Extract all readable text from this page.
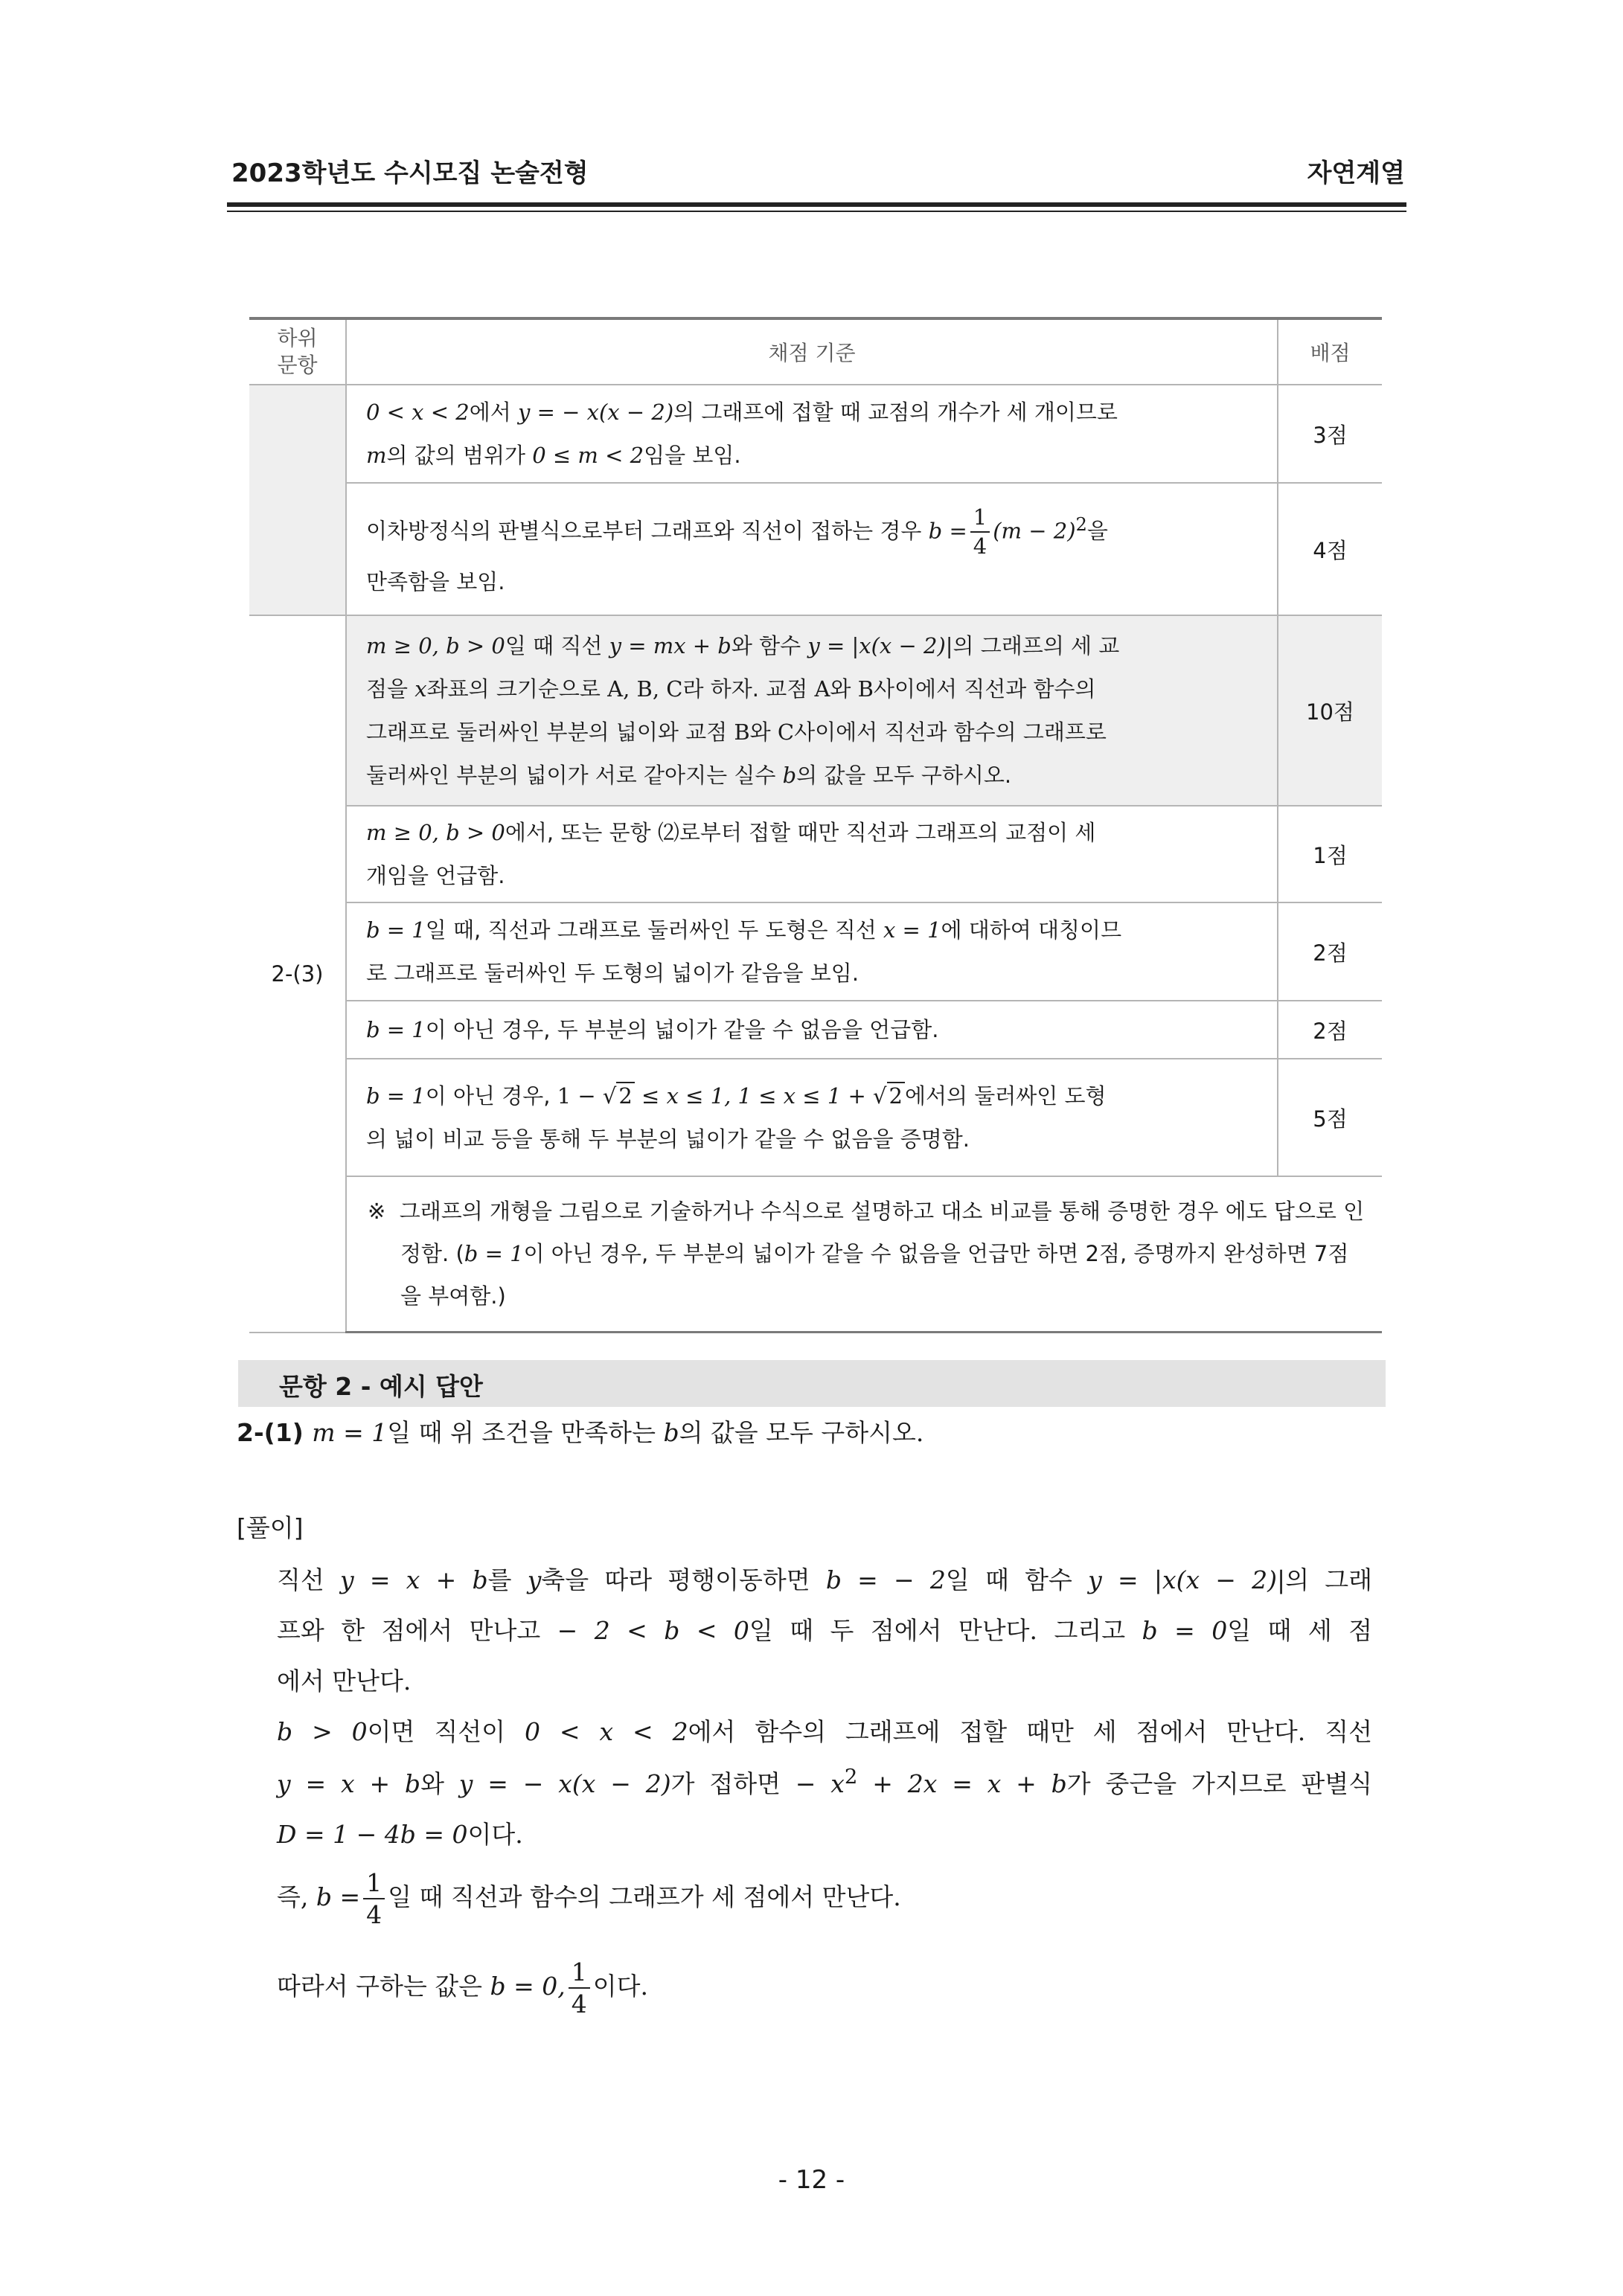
2023학년도 수시모집 논술전형	자연계열
하위
문항	채점 기준	배점

	0 < x < 2에서 y = − x(x − 2)의 그래프에 접할 때 교점의 개수가 세 개이므로
m의 값의 범위가 0 ≤ m < 2임을 보임.	3점

	이차방정식의 판별식으로부터 그래프와 직선이 접하는 경우 $b = \frac{1}{4} (m - 2)^2$을
만족함을 보임.	4점
2-(3)	m ≥ 0, b > 0일 때 직선 y = mx + b와 함수 y = |x(x − 2)|의 그래프의 세 교
점을 x좌표의 크기순으로 A, B, C라 하자. 교점 A와 B사이에서 직선과 함수의
그래프로 둘러싸인 부분의 넓이와 교점 B와 C사이에서 직선과 함수의 그래프로
둘러싸인 부분의 넓이가 서로 같아지는 실수 b의 값을 모두 구하시오.	10점

	m ≥ 0, b > 0에서, 또는 문항 ⑵로부터 접할 때만 직선과 그래프의 교점이 세
개임을 언급함.	1점

	b = 1일 때, 직선과 그래프로 둘러싸인 두 도형은 직선 x = 1에 대하여 대칭이므
로 그래프로 둘러싸인 두 도형의 넓이가 같음을 보임.	2점

	b = 1이 아닌 경우, 두 부분의 넓이가 같을 수 없음을 언급함.	2점

	b = 1이 아닌 경우, 1 − √ 2 ≤ x ≤ 1, 1 ≤ x ≤ 1 + √ 2 에서의 둘러싸인 도형
의 넓이 비교 등을 통해 두 부분의 넓이가 같을 수 없음을 증명함.	5점

	※ 그래프의 개형을 그림으로 기술하거나 수식으로 설명하고 대소 비교를 통해 증명한 경우 에도 답으로 인정함. (b = 1이 아닌 경우, 두 부분의 넓이가 같을 수 없음을 언급만 하면 2점, 증명까지 완성하면 7점을 부여함.)	
문항 2 - 예시 답안
2-(1) m = 1일 때 위 조건을 만족하는 b의 값을 모두 구하시오.
[풀이]
직선 y = x + b를 y축을 따라 평행이동하면 b = − 2일 때 함수 y = |x(x − 2)|의 그래
프와 한 점에서 만나고 − 2 < b < 0일 때 두 점에서 만난다. 그리고 b = 0일 때 세 점
에서 만난다.
b > 0이면 직선이 0 < x < 2에서 함수의 그래프에 접할 때만 세 점에서 만난다. 직선
y = x + b와 y = − x(x − 2)가 접하면 − $x^2 + 2x = x + b$가 중근을 가지므로 판별식
D = 1 − 4b = 0이다.
즉, $b = \frac{1}{4}$ 일 때 직선과 함수의 그래프가 세 점에서 만난다.
따라서 구하는 값은 b = 0, $\frac{1}{4}$ 이다.
- 12 -
